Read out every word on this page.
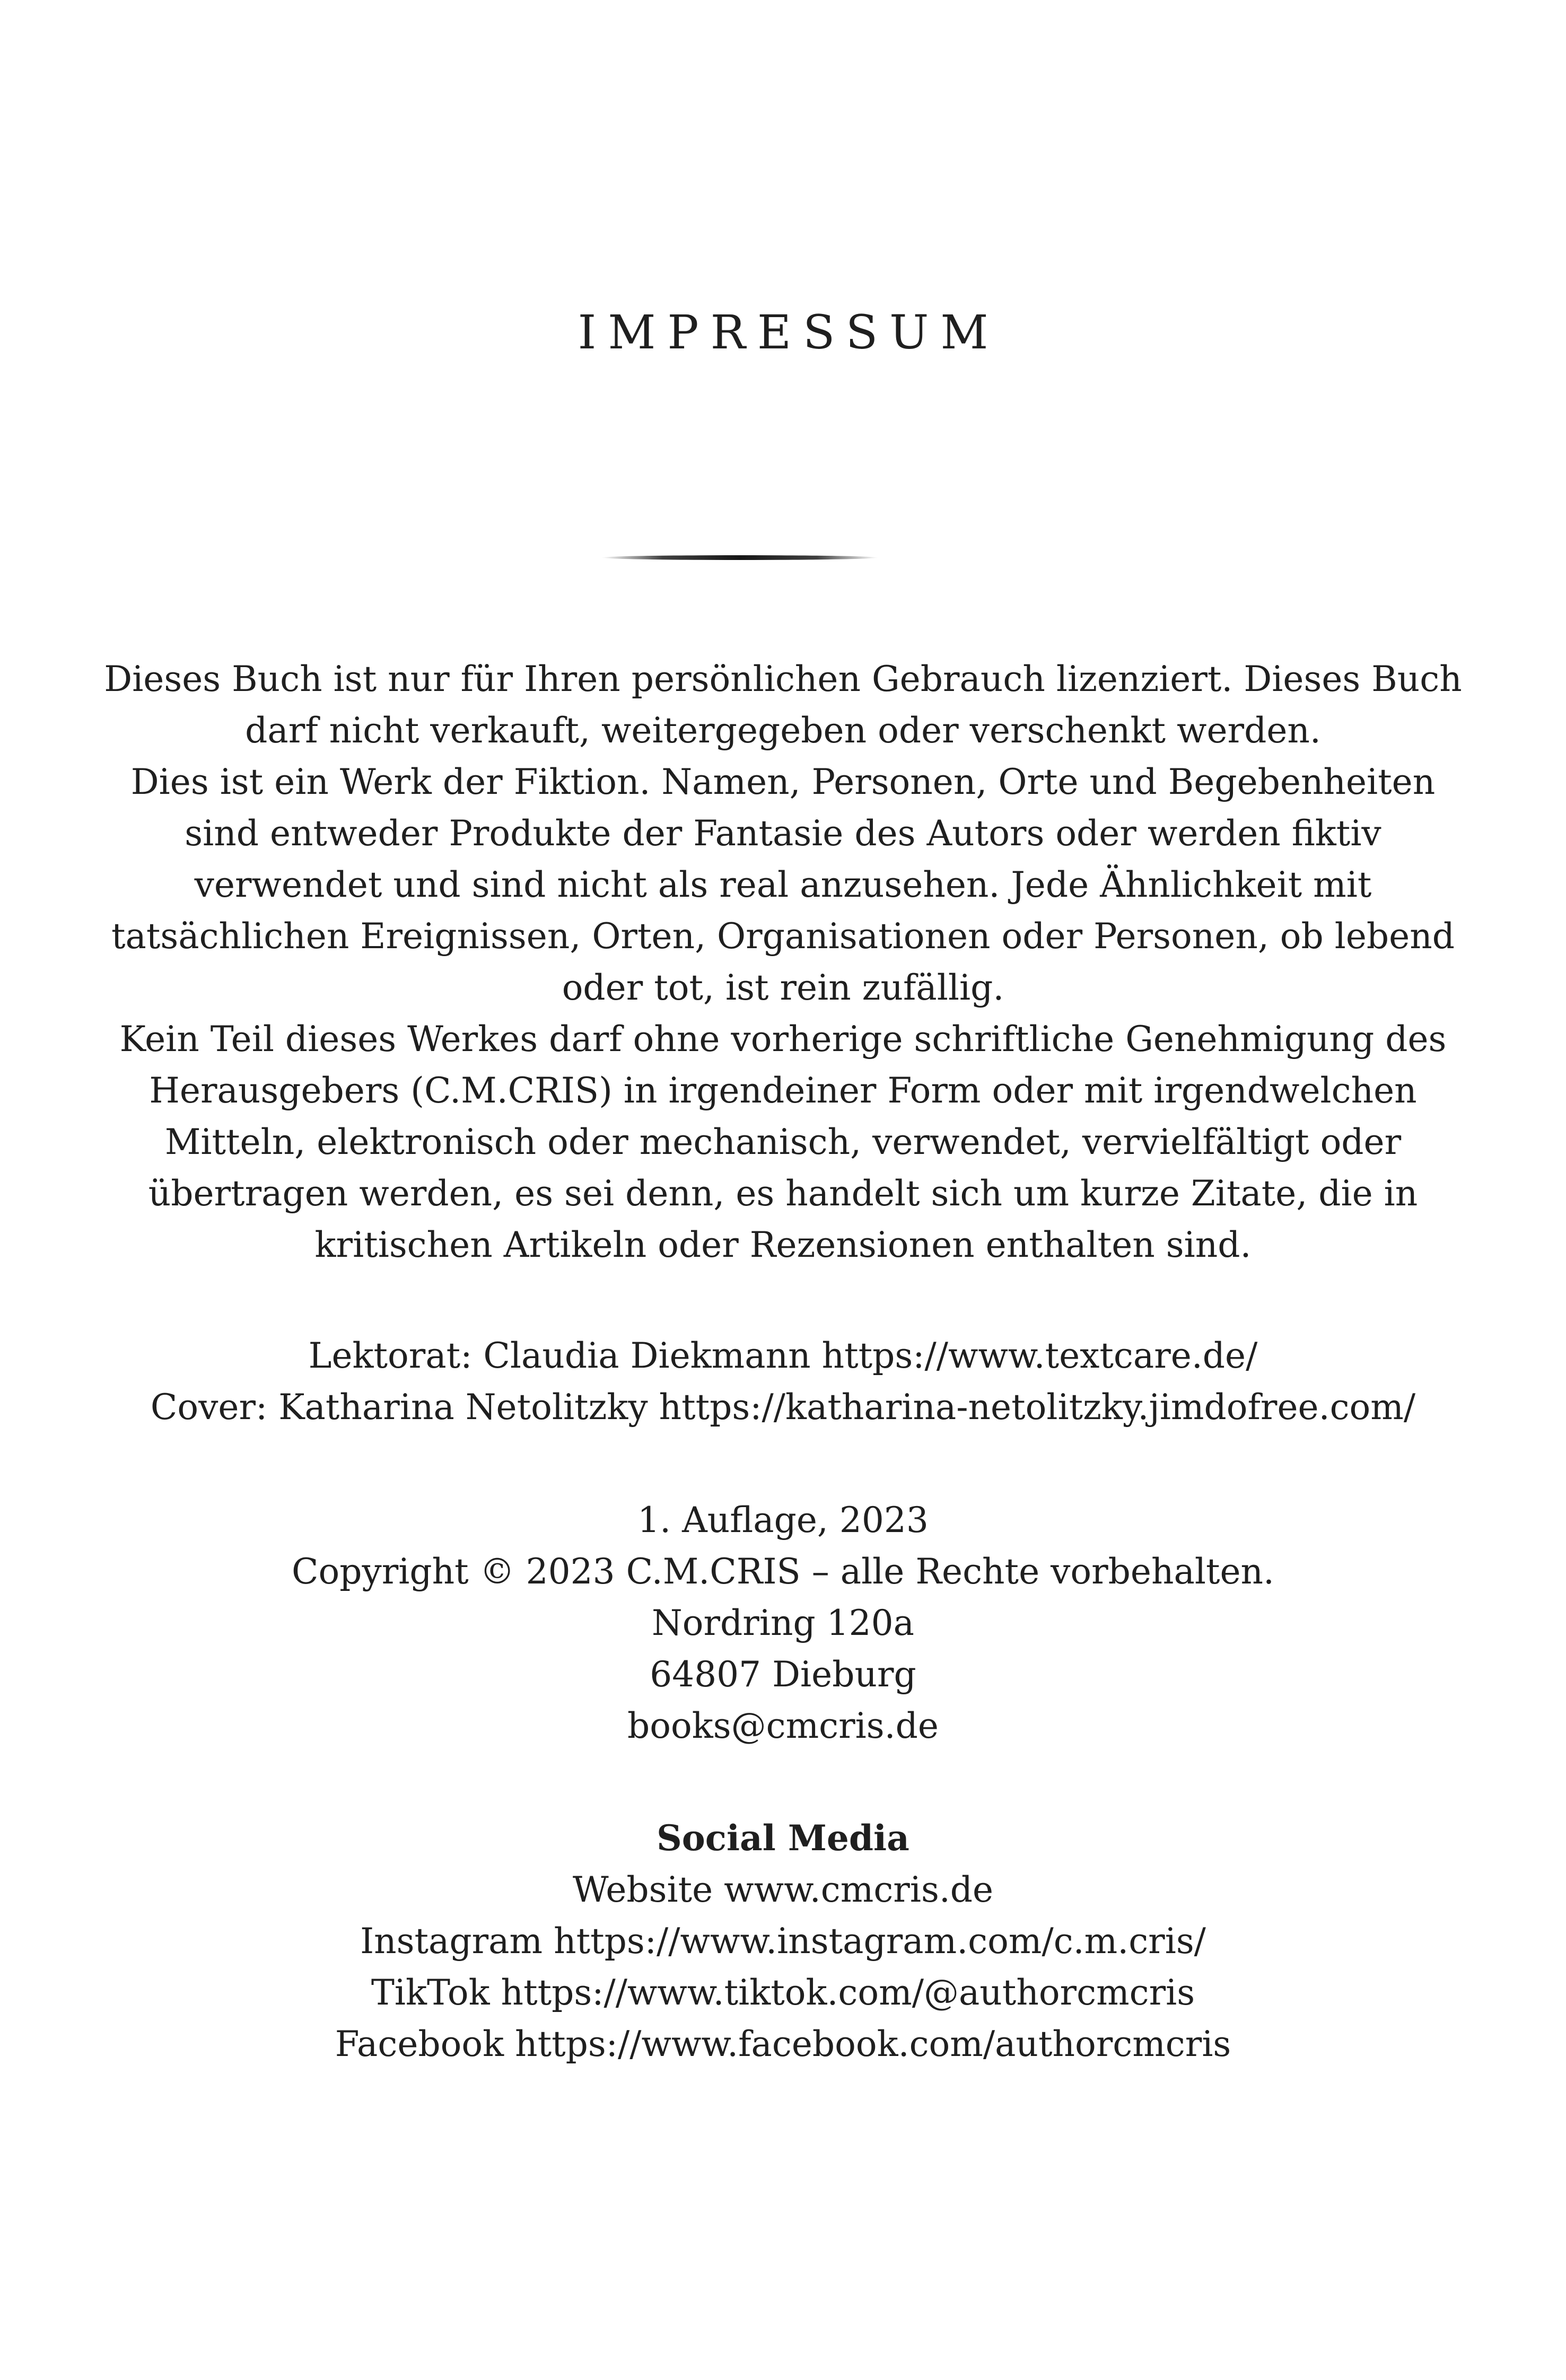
IMPRESSUM

Dieses Buch ist nur für Ihren persönlichen Gebrauch lizenziert. Dieses Buch
darf nicht verkauft, weitergegeben oder verschenkt werden.
Dies ist ein Werk der Fiktion. Namen, Personen, Orte und Begebenheiten
sind entweder Produkte der Fantasie des Autors oder werden fiktiv
verwendet und sind nicht als real anzusehen. Jede Ähnlichkeit mit
tatsächlichen Ereignissen, Orten, Organisationen oder Personen, ob lebend
oder tot, ist rein zufällig.
Kein Teil dieses Werkes darf ohne vorherige schriftliche Genehmigung des
Herausgebers (C.M.CRIS) in irgendeiner Form oder mit irgendwelchen
Mitteln, elektronisch oder mechanisch, verwendet, vervielfältigt oder
übertragen werden, es sei denn, es handelt sich um kurze Zitate, die in
kritischen Artikeln oder Rezensionen enthalten sind.

Lektorat: Claudia Diekmann https://www.textcare.de/
Cover: Katharina Netolitzky https://katharina-netolitzky.jimdofree.com/

1. Auflage, 2023
Copyright © 2023 C.M.CRIS – alle Rechte vorbehalten.
Nordring 120a
64807 Dieburg
books@cmcris.de

Social Media
Website www.cmcris.de
Instagram https://www.instagram.com/c.m.cris/
TikTok https://www.tiktok.com/@authorcmcris
Facebook https://www.facebook.com/authorcmcris
